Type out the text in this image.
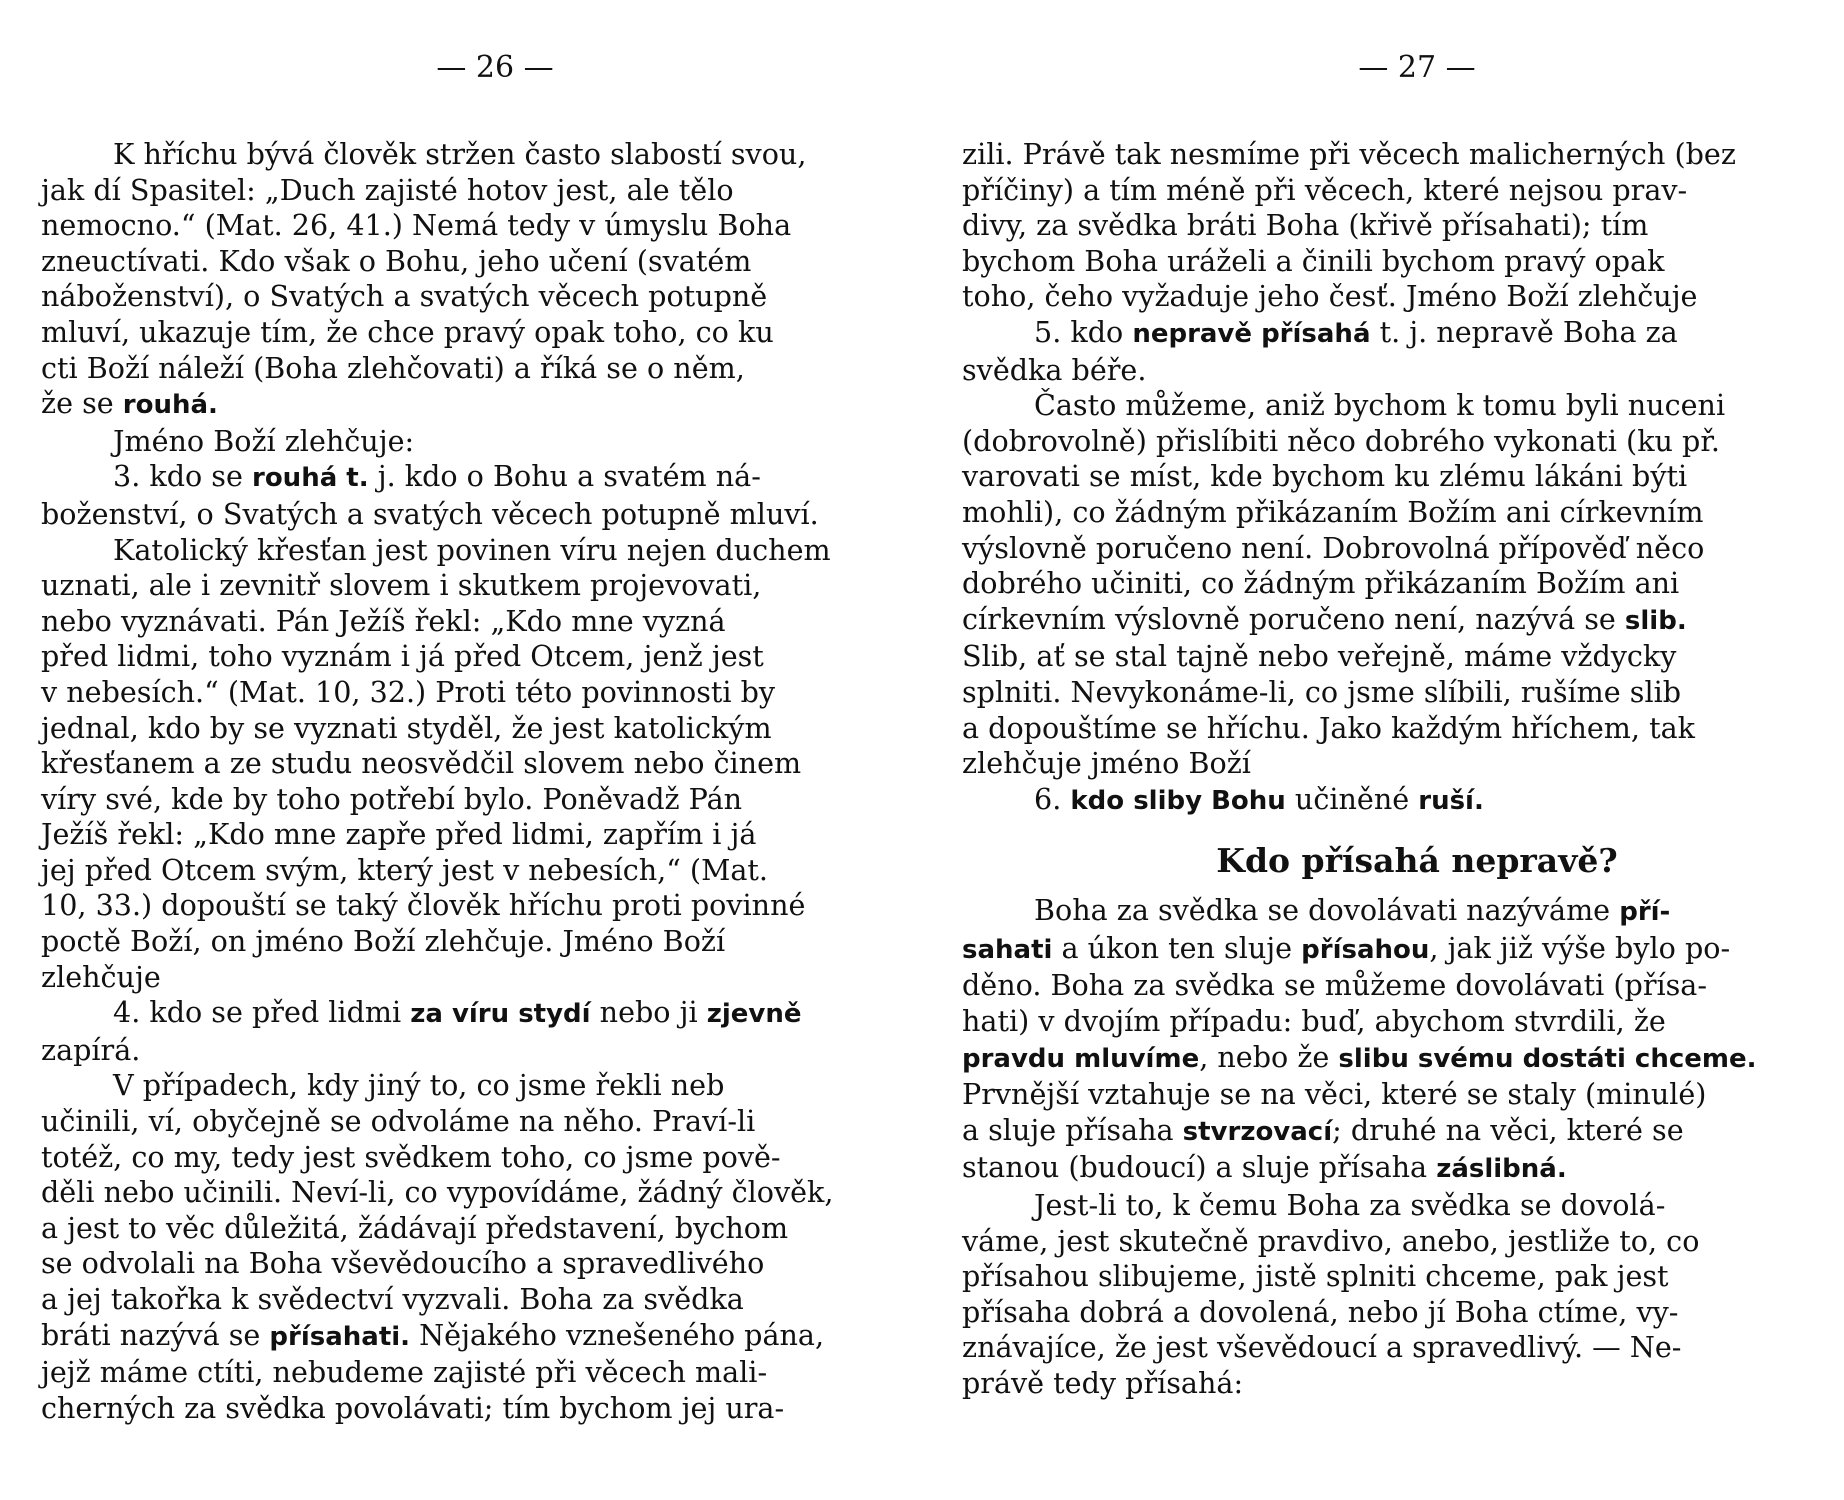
— 26 —
K hříchu bývá člověk stržen často slabostí svou,
jak dí Spasitel: „Duch zajisté hotov jest, ale tělo
nemocno.“ (Mat. 26, 41.) Nemá tedy v úmyslu Boha
zneuctívati. Kdo však o Bohu, jeho učení (svatém
náboženství), o Svatých a svatých věcech potupně
mluví, ukazuje tím, že chce pravý opak toho, co ku
cti Boží náleží (Boha zlehčovati) a říká se o něm,
že se rouhá.
Jméno Boží zlehčuje:
3. kdo se rouhá t. j. kdo o Bohu a svatém ná-
boženství, o Svatých a svatých věcech potupně mluví.
Katolický křesťan jest povinen víru nejen duchem
uznati, ale i zevnitř slovem i skutkem projevovati,
nebo vyznávati. Pán Ježíš řekl: „Kdo mne vyzná
před lidmi, toho vyznám i já před Otcem, jenž jest
v nebesích.“ (Mat. 10, 32.) Proti této povinnosti by
jednal, kdo by se vyznati styděl, že jest katolickým
křesťanem a ze studu neosvědčil slovem nebo činem
víry své, kde by toho potřebí bylo. Poněvadž Pán
Ježíš řekl: „Kdo mne zapře před lidmi, zapřím i já
jej před Otcem svým, který jest v nebesích,“ (Mat.
10, 33.) dopouští se taký člověk hříchu proti povinné
poctě Boží, on jméno Boží zlehčuje. Jméno Boží
zlehčuje
4. kdo se před lidmi za víru stydí nebo ji zjevně
zapírá.
V případech, kdy jiný to, co jsme řekli neb
učinili, ví, obyčejně se odvoláme na něho. Praví-li
totéž, co my, tedy jest svědkem toho, co jsme pově-
děli nebo učinili. Neví-li, co vypovídáme, žádný člověk,
a jest to věc důležitá, žádávají představení, bychom
se odvolali na Boha vševědoucího a spravedlivého
a jej takořka k svědectví vyzvali. Boha za svědka
bráti nazývá se přísahati. Nějakého vznešeného pána,
jejž máme ctíti, nebudeme zajisté při věcech mali-
cherných za svědka povolávati; tím bychom jej ura-
— 27 —
zili. Právě tak nesmíme při věcech malicherných (bez
příčiny) a tím méně při věcech, které nejsou prav-
divy, za svědka bráti Boha (křivě přísahati); tím
bychom Boha uráželi a činili bychom pravý opak
toho, čeho vyžaduje jeho česť. Jméno Boží zlehčuje
5. kdo nepravě přísahá t. j. nepravě Boha za
svědka béře.
Často můžeme, aniž bychom k tomu byli nuceni
(dobrovolně) přislíbiti něco dobrého vykonati (ku př.
varovati se míst, kde bychom ku zlému lákáni býti
mohli), co žádným přikázaním Božím ani církevním
výslovně poručeno není. Dobrovolná přípověď něco
dobrého učiniti, co žádným přikázaním Božím ani
církevním výslovně poručeno není, nazývá se slib.
Slib, ať se stal tajně nebo veřejně, máme vždycky
splniti. Nevykonáme-li, co jsme slíbili, rušíme slib
a dopouštíme se hříchu. Jako každým hříchem, tak
zlehčuje jméno Boží
6. kdo sliby Bohu učiněné ruší.
Kdo přísahá nepravě?
Boha za svědka se dovolávati nazýváme pří-
sahati a úkon ten sluje přísahou, jak již výše bylo po-
děno. Boha za svědka se můžeme dovolávati (přísa-
hati) v dvojím případu: buď, abychom stvrdili, že
pravdu mluvíme, nebo že slibu svému dostáti chceme.
Prvnější vztahuje se na věci, které se staly (minulé)
a sluje přísaha stvrzovací; druhé na věci, které se
stanou (budoucí) a sluje přísaha záslibná.
Jest-li to, k čemu Boha za svědka se dovolá-
váme, jest skutečně pravdivo, anebo, jestliže to, co
přísahou slibujeme, jistě splniti chceme, pak jest
přísaha dobrá a dovolená, nebo jí Boha ctíme, vy-
znávajíce, že jest vševědoucí a spravedlivý. — Ne-
právě tedy přísahá:
